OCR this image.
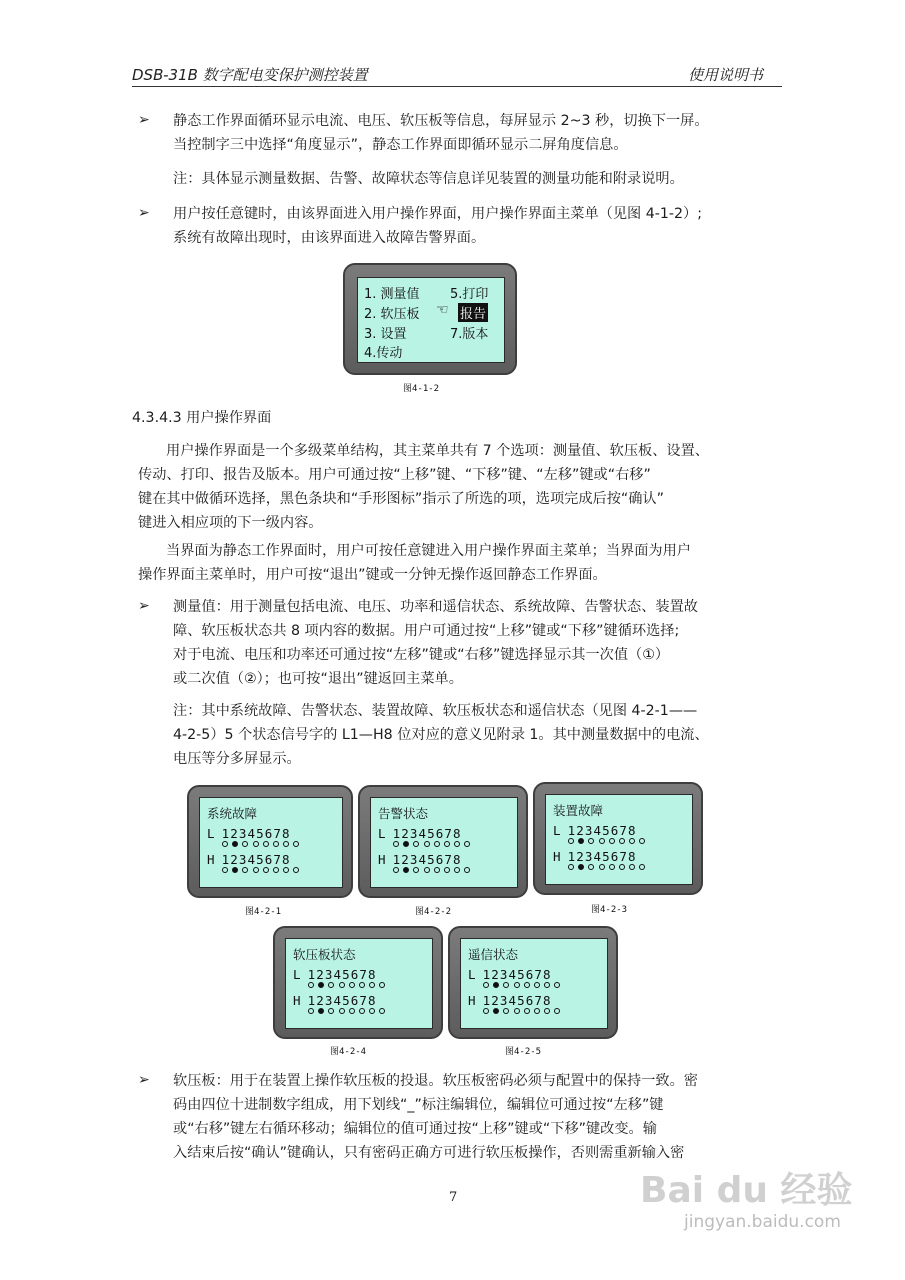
DSB-31B 数字配电变保护测控装置	使用说明书
➢ 静态工作界面循环显示电流、电压、软压板等信息，每屏显示 2~3 秒，切换下一屏。
当控制字三中选择“角度显示”，静态工作界面即循环显示二屏角度信息。
注：具体显示测量数据、告警、故障状态等信息详见装置的测量功能和附录说明。
➢ 用户按任意键时，由该界面进入用户操作界面，用户操作界面主菜单（见图 4-1-2）;
系统有故障出现时，由该界面进入故障告警界面。
1. 测量值
2. 软压板
3. 设置
4.传动
5.打印
☜ 报告
7.版本
图4-1-2
4.3.4.3 用户操作界面
用户操作界面是一个多级菜单结构，其主菜单共有 7 个选项：测量值、软压板、设置、
传动、打印、报告及版本。用户可通过按“上移”键、“下移”键、“左移”键或“右移”
键在其中做循环选择，黑色条块和“手形图标”指示了所选的项，选项完成后按“确认”
键进入相应项的下一级内容。
当界面为静态工作界面时，用户可按任意键进入用户操作界面主菜单；当界面为用户
操作界面主菜单时，用户可按“退出”键或一分钟无操作返回静态工作界面。
➢ 测量值：用于测量包括电流、电压、功率和遥信状态、系统故障、告警状态、装置故
障、软压板状态共 8 项内容的数据。用户可通过按“上移”键或“下移”键循环选择;
对于电流、电压和功率还可通过按“左移”键或“右移”键选择显示其一次值（①）
或二次值（②）；也可按“退出”键返回主菜单。
注：其中系统故障、告警状态、装置故障、软压板状态和遥信状态（见图 4-2-1——
4-2-5）5 个状态信号字的 L1—H8 位对应的意义见附录 1。其中测量数据中的电流、
电压等分多屏显示。
系统故障
L 12345678
H 12345678
图4-2-1
告警状态
L 12345678
H 12345678
图4-2-2
装置故障
L 12345678
H 12345678
图4-2-3
软压板状态
L 12345678
H 12345678
图4-2-4
遥信状态
L 12345678
H 12345678
图4-2-5
➢ 软压板：用于在装置上操作软压板的投退。软压板密码必须与配置中的保持一致。密
码由四位十进制数字组成，用下划线“_”标注编辑位，编辑位可通过按“左移”键
或“右移”键左右循环移动；编辑位的值可通过按“上移”键或“下移”键改变。输
入结束后按“确认”键确认，只有密码正确方可进行软压板操作，否则需重新输入密
7	Bai du 经验
jingyan.baidu.com
